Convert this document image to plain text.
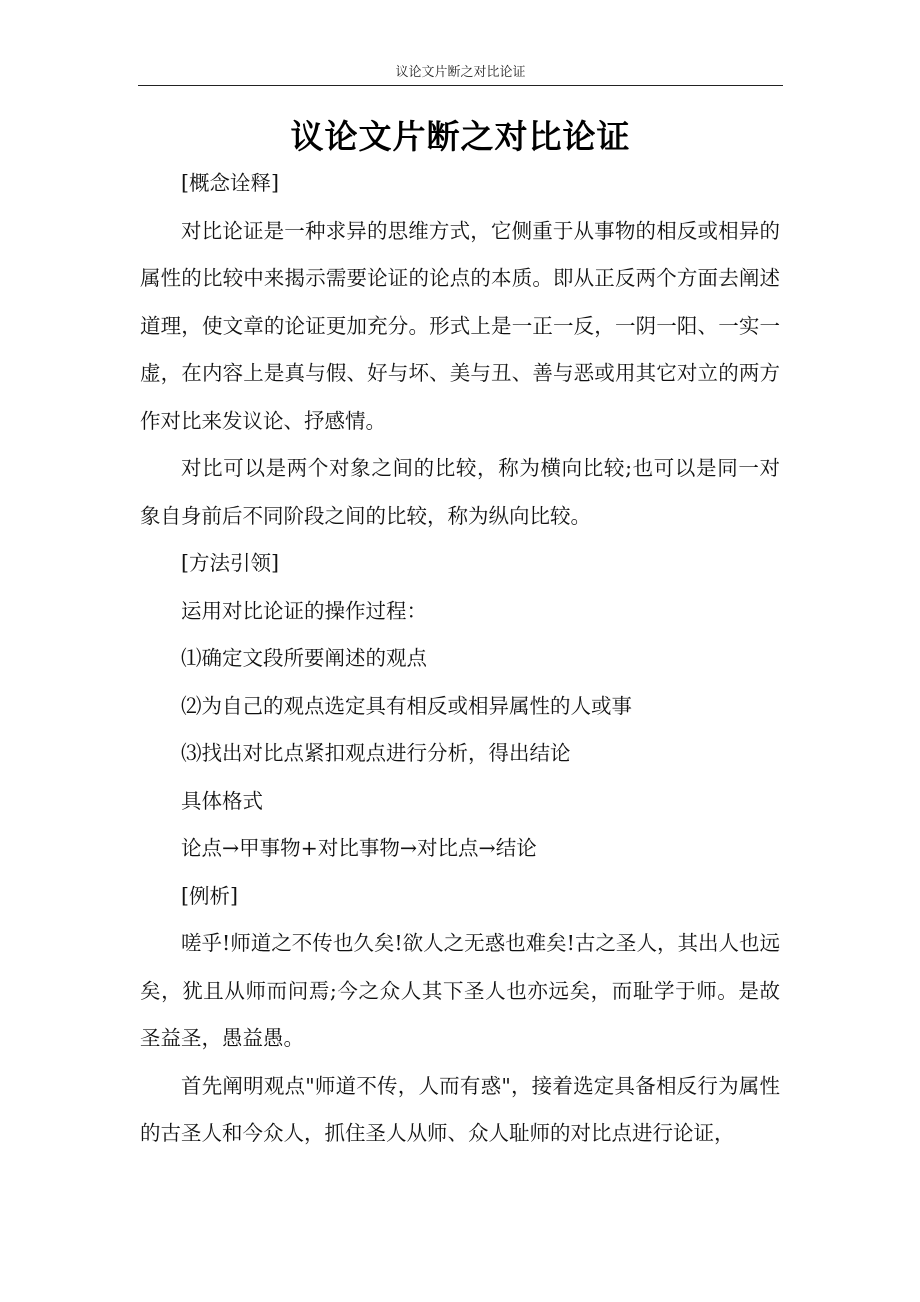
议论文片断之对比论证
议论文片断之对比论证

[概念诠释]

对比论证是一种求异的思维方式，它侧重于从事物的相反或相异的属性的比较中来揭示需要论证的论点的本质。即从正反两个方面去阐述道理，使文章的论证更加充分。形式上是一正一反，一阴一阳、一实一虚，在内容上是真与假、好与坏、美与丑、善与恶或用其它对立的两方作对比来发议论、抒感情。

对比可以是两个对象之间的比较，称为横向比较;也可以是同一对象自身前后不同阶段之间的比较，称为纵向比较。

[方法引领]

运用对比论证的操作过程：

⑴确定文段所要阐述的观点

⑵为自己的观点选定具有相反或相异属性的人或事

⑶找出对比点紧扣观点进行分析，得出结论

具体格式

论点→甲事物+对比事物→对比点→结论

[例析]

嗟乎!师道之不传也久矣!欲人之无惑也难矣!古之圣人，其出人也远矣，犹且从师而问焉;今之众人其下圣人也亦远矣，而耻学于师。是故圣益圣，愚益愚。

首先阐明观点"师道不传，人而有惑"，接着选定具备相反行为属性的古圣人和今众人，抓住圣人从师、众人耻师的对比点进行论证，
